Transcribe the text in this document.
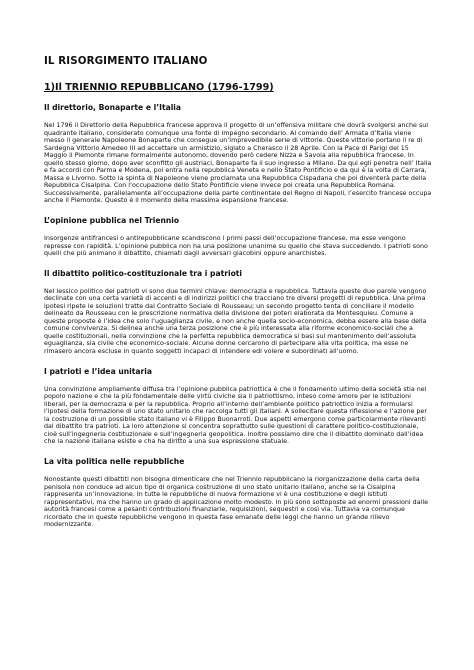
IL RISORGIMENTO ITALIANO
1)Il TRIENNIO REPUBBLICANO (1796-1799)
Il direttorio, Bonaparte e l’Italia
Nel 1796 il Direttorio della Repubblica francese approva il progetto di un’offensiva militare che dovrà svolgersi anche sul quadrante italiano, considerato comunque una fonte di impegno secondario. Al comando dell’ Armata d’Italia viene messo il generale Napoleone Bonaparte che consegue un’imprevedibile serie di vittorie. Queste vittorie portano il re di Sardegna Vittorio Amedeo III ad accettare un armistizio, siglato a Cherasco il 28 Aprile. Con la Pace di Parigi del 15 Maggio il Piemonte rimane formalmente autonomo, dovendo però cedere Nizza e Savoia alla repubblica francese. In quello stesso giorno, dopo aver sconfitto gli austriaci, Bonaparte fa il suo ingresso a Milano. Da qui egli penetra nell’ Italia e fa accordi con Parma e Modena, poi entra nella repubblica Veneta e nello Stato Pontificio e da qui è la volta di Carrara, Massa e Livorno. Sotto la spinta di Napoleone viene proclamata una Repubblica Cispadana che poi diventerà parte della Repubblica Cisalpina. Con l’occupazione dello Stato Pontificio viene invece poi creata una Repubblica Romana. Successivamente, parallelamente all’occupazione della parte continentale del Regno di Napoli, l’esercito francese occupa anche il Piemonte. Questo è il momento della massima espansione francese.
L’opinione pubblica nel Triennio
Insorgenze antifrancesi o antirepubblicane scandiscono i primi passi dell’occupazione francese, ma esse vengono represse con rapidità. L’opinione pubblica non ha una posizione unanime su quello che stava succedendo. I patrioti sono quelli che più animano il dibattito, chiamati dagli avversari giacobini oppure anarchistes.
Il dibattito politico-costituzionale tra i patrioti
Nel lessico politico dei patrioti vi sono due termini chiave: democrazia e repubblica. Tuttavia queste due parole vengono declinate con una certa varietà di accenti e di indirizzi politici che tracciano tre diversi progetti di repubblica. Una prima ipotesi ripete le soluzioni tratte dal Contratto Sociale di Rousseau; un secondo progetto tenta di conciliare il modello delineato da Rousseau con le prescrizione normativa della divisione dei poteri elaborata da Montesquieu. Comune a queste proposte è l’idea che solo l’uguaglianza civile, e non anche quella socio-economica, debba essere alla base della comune convivenza. Si delinea anche una terza posizione che è più interessata alla riforme economico-sociali che a quelle costituzionali, nella convinzione che la perfetta repubblica democratica si basi sul mantenimento dell’assoluta eguaglianza, sia civile che economico-sociale. Alcune donne cercarono di partecipare alla vita politica, ma esse ne rimasero ancora escluse in quanto soggetti incapaci di intendere edi volere e subordinati all’uomo.
I patrioti e l’idea unitaria
Una convinzione ampliamente diffusa tra l’opinione pubblica patriottica è che il fondamento ultimo della società stia nel popolo nazione e che la più fondamentale delle virtù civiche sia il patriottismo, inteso come amore per le istituzioni liberali, per la democrazia e per la repubblica. Proprio all’interno dell’ambiente politico patriottico inizia a formularsi l’ipotesi della formazione di uno stato unitario che raccolga tutti gli italiani. A sollecitare questa riflessione e l’azione per la costruzione di un possibile stato italiano vi è Filippo Buonarroti. Due aspetti emergono come particolarmente rilevanti dal dibattito tra patrioti. La loro attenzione si concentra soprattutto sulle questioni di carattere politico-costituzionale, cioè sull’ingegneria costituzionale e sull’ingegneria geopolitica. Inoltre possiamo dire che il dibattito dominato dall’idea che la nazione italiana esiste e cha ha diritto a una sua espressione statuale.
La vita politica nelle repubbliche
Nonostante questi dibattiti non bisogna dimenticare che nel Triennio repubblicano la riorganizzazione della carta della penisola non conduce ad alcun tipo di organica costruzione di uno stato unitario italiano, anche se la Cisalpina rappresenta un’innovazione. In tutte le repubbliche di nuova formazione vi è una costituzione e degli istituti rappresentativi, ma che hanno un grado di applicazione molto modesto. In più sono sottoposte ad enormi pressioni dalle autorità francesi come a pesanti contribuzioni finanziarie, requisizioni, sequestri e così via. Tuttavia va comunque ricordato che in queste repubbliche vengono in questa fase emanate delle leggi che hanno un grande rilievo modernizzante.
